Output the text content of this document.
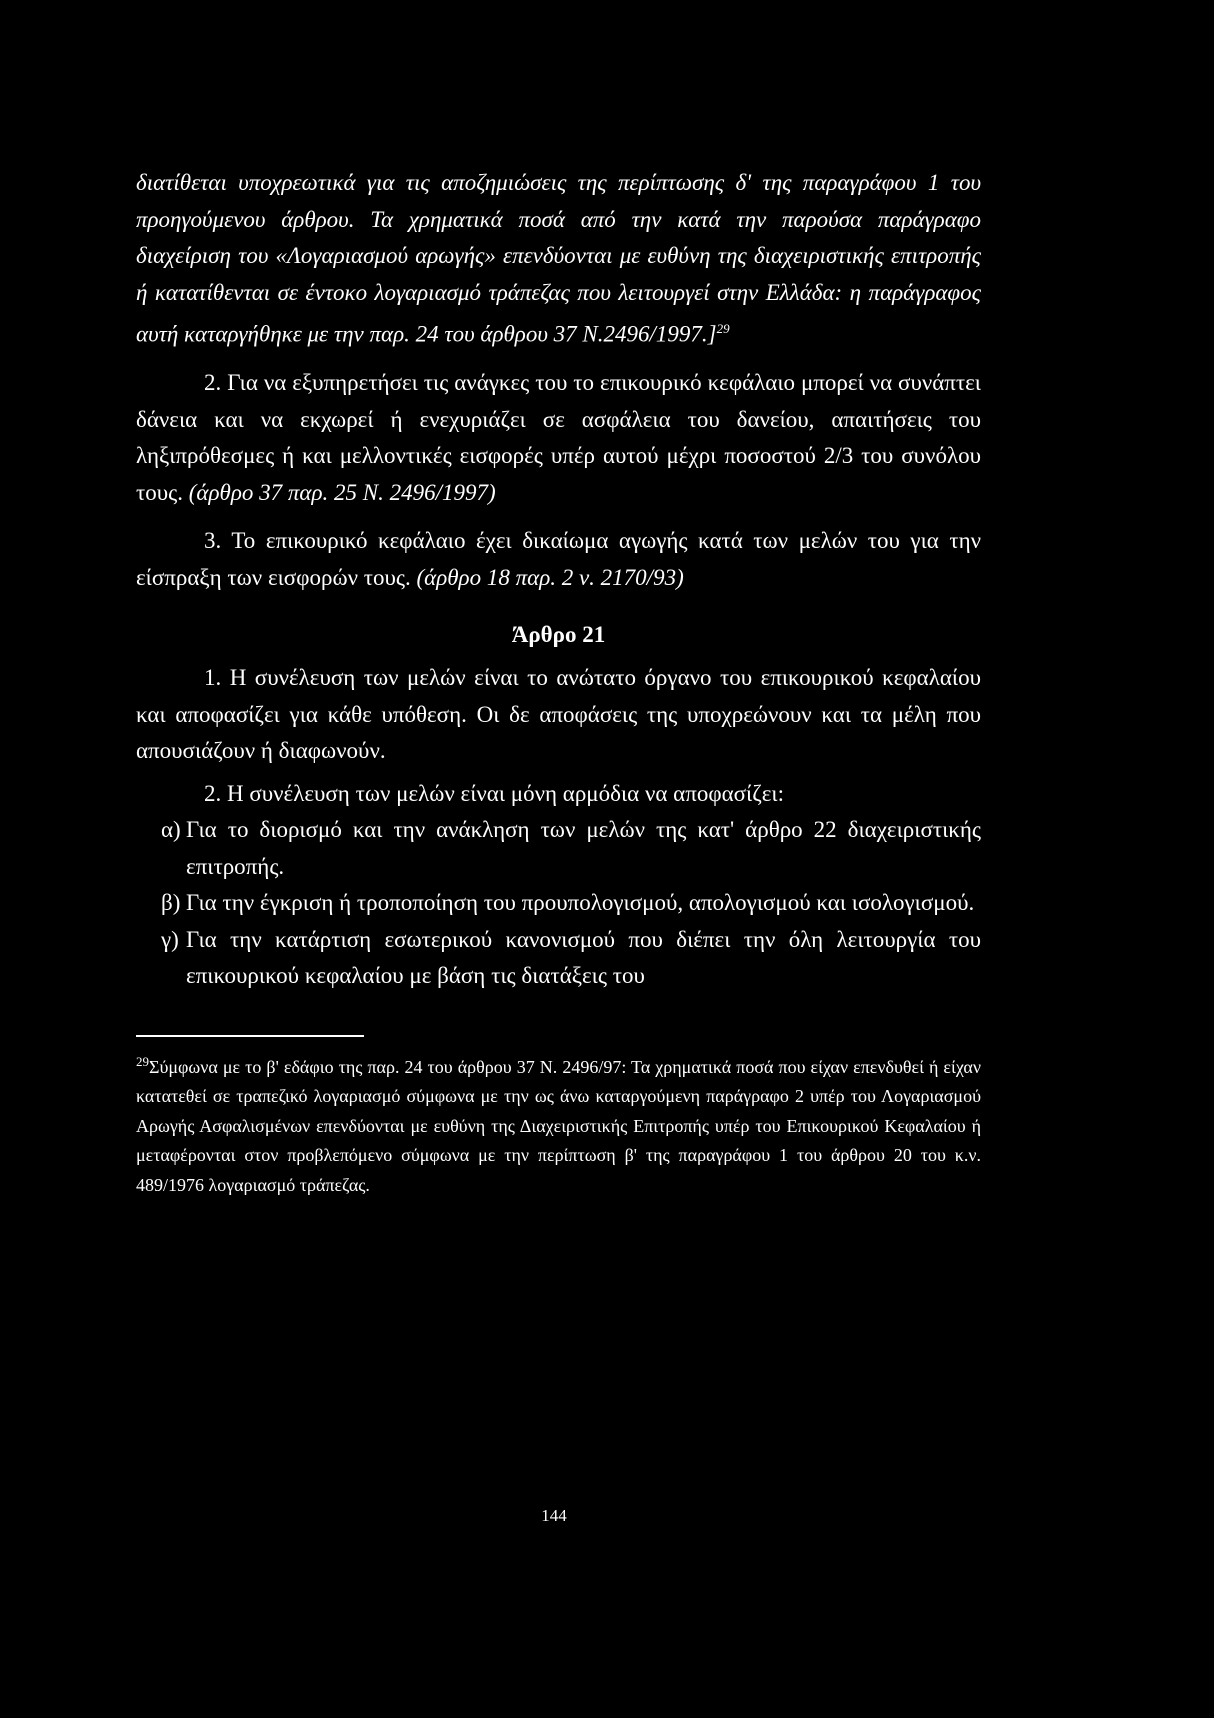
διατίθεται υποχρεωτικά για τις αποζημιώσεις της περίπτωσης δ' της παραγράφου 1 του προηγούμενου άρθρου. Τα χρηματικά ποσά από την κατά την παρούσα παράγραφο διαχείριση του «Λογαριασμού αρωγής» επενδύονται με ευθύνη της διαχειριστικής επιτροπής ή κατατίθενται σε έντοκο λογαριασμό τράπεζας που λειτουργεί στην Ελλάδα: η παράγραφος αυτή καταργήθηκε με την παρ. 24 του άρθρου 37 Ν.2496/1997.]$^{29}$

2. Για να εξυπηρετήσει τις ανάγκες του το επικουρικό κεφάλαιο μπορεί να συνάπτει δάνεια και να εκχωρεί ή ενεχυριάζει σε ασφάλεια του δανείου, απαιτήσεις του ληξιπρόθεσμες ή και μελλοντικές εισφορές υπέρ αυτού μέχρι ποσοστού 2/3 του συνόλου τους. (άρθρο 37 παρ. 25 Ν. 2496/1997)

3. Το επικουρικό κεφάλαιο έχει δικαίωμα αγωγής κατά των μελών του για την είσπραξη των εισφορών τους. (άρθρο 18 παρ. 2 ν. 2170/93)

Άρθρο 21

1. Η συνέλευση των μελών είναι το ανώτατο όργανο του επικουρικού κεφαλαίου και αποφασίζει για κάθε υπόθεση. Οι δε αποφάσεις της υποχρεώνουν και τα μέλη που απουσιάζουν ή διαφωνούν.

2. Η συνέλευση των μελών είναι μόνη αρμόδια να αποφασίζει:

α) Για το διορισμό και την ανάκληση των μελών της κατ' άρθρο 22 διαχειριστικής επιτροπής.
β) Για την έγκριση ή τροποποίηση του προυπολογισμού, απολογισμού και ισολογισμού.
γ) Για την κατάρτιση εσωτερικού κανονισμού που διέπει την όλη λειτουργία του επικουρικού κεφαλαίου με βάση τις διατάξεις του

$^{29}$Σύμφωνα με το β' εδάφιο της παρ. 24 του άρθρου 37 Ν. 2496/97: Τα χρηματικά ποσά που είχαν επενδυθεί ή είχαν κατατεθεί σε τραπεζικό λογαριασμό σύμφωνα με την ως άνω καταργούμενη παράγραφο 2 υπέρ του Λογαριασμού Αρωγής Ασφαλισμένων επενδύονται με ευθύνη της Διαχειριστικής Επιτροπής υπέρ του Επικουρικού Κεφαλαίου ή μεταφέρονται στον προβλεπόμενο σύμφωνα με την περίπτωση β' της παραγράφου 1 του άρθρου 20 του κ.ν. 489/1976 λογαριασμό τράπεζας.

144
